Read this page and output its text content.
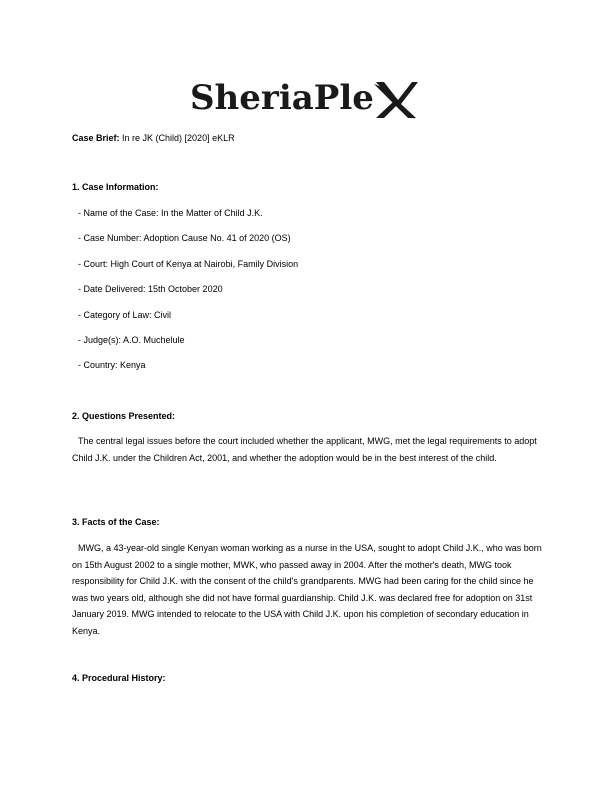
SheriaPle
Case Brief: In re JK (Child) [2020] eKLR
1. Case Information:
- Name of the Case: In the Matter of Child J.K.
- Case Number: Adoption Cause No. 41 of 2020 (OS)
- Court: High Court of Kenya at Nairobi, Family Division
- Date Delivered: 15th October 2020
- Category of Law: Civil
- Judge(s): A.O. Muchelule
- Country: Kenya
2. Questions Presented:
The central legal issues before the court included whether the applicant, MWG, met the legal requirements to adopt Child J.K. under the Children Act, 2001, and whether the adoption would be in the best interest of the child.
3. Facts of the Case:
MWG, a 43-year-old single Kenyan woman working as a nurse in the USA, sought to adopt Child J.K., who was born on 15th August 2002 to a single mother, MWK, who passed away in 2004. After the mother's death, MWG took responsibility for Child J.K. with the consent of the child's grandparents. MWG had been caring for the child since he was two years old, although she did not have formal guardianship. Child J.K. was declared free for adoption on 31st January 2019. MWG intended to relocate to the USA with Child J.K. upon his completion of secondary education in Kenya.
4. Procedural History:
